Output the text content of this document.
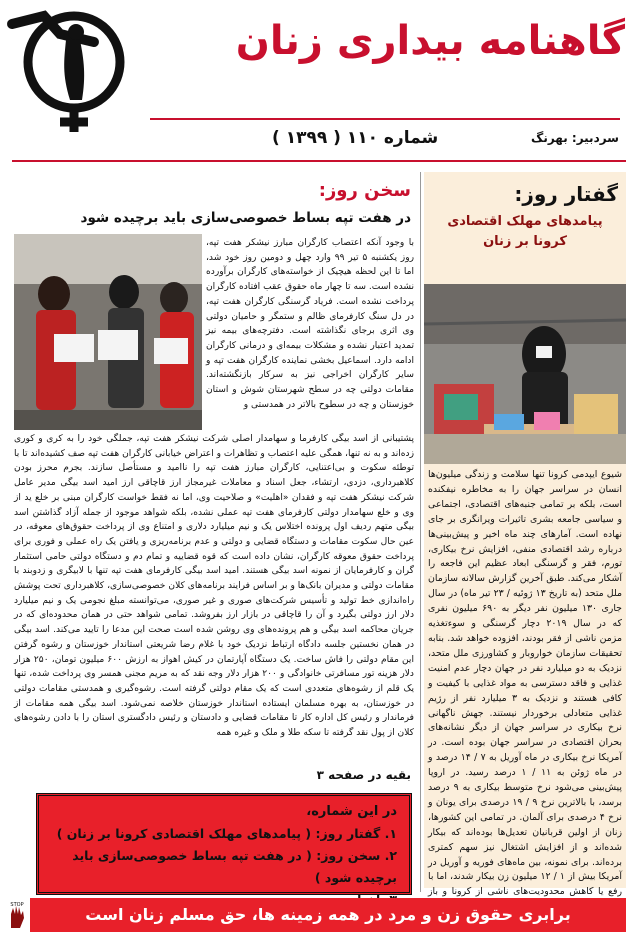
گاهنامه بیداری زنان
شماره ۱۱۰ ( ۱۳۹۹ )	سردبیر: بهرنگ
گفتار روز:
پیامدهای مهلک اقتصادی کرونا بر زنان
شیوع ایپدمی کرونا تنها سلامت و زندگی میلیون‌ها انسان در سراسر جهان را به مخاطره نیفکنده است، بلکه بر تمامی جنبه‌های اقتصادی، اجتماعی و سیاسی جامعه بشری تاثیرات ویرانگری بر جای نهاده است. آمارهای چند ماه اخیر و پیش‌بینی‌ها درباره رشد اقتصادی منفی، افزایش نرخ بیکاری، تورم، فقر و گرسنگی ابعاد عظیم این فاجعه را آشکار می‌کند. طبق آخرین گزارش سالانه سازمان ملل متحد (به تاریخ ۱۳ ژوئیه / ۲۳ تیر ماه) در سال جاری ۱۳۰ میلیون نفر دیگر به ۶۹۰ میلیون نفری که در سال ۲۰۱۹ دچار گرسنگی و سوءتغذیه مزمن ناشی از فقر بودند، افزوده خواهد شد. بنابه تحقیقات سازمان خواروبار و کشاورزی ملل متحد، نزدیک به دو میلیارد نفر در جهان دچار عدم امنیت غذایی و فاقد دسترسی به مواد غذایی با کیفیت و کافی هستند و نزدیک به ۳ میلیارد نفر از رژیم غذایی متعادلی برخوردار نیستند. جهش ناگهانی نرخ بیکاری در سراسر جهان از دیگر نشانه‌های بحران اقتصادی در سراسر جهان بوده است. در آمریکا نرخ بیکاری در ماه آوریل به ۷ / ۱۴ درصد و در ماه ژوئن به ۱۱ / ۱ درصد رسید. در اروپا پیش‌بینی می‌شود نرخ متوسط بیکاری به ۹ درصد برسد، با بالاترین نرخ ۹ / ۱۹ درصدی برای یونان و نرخ ۴ درصدی برای آلمان. در تمامی این کشورها، زنان از اولین قربانیان تعدیل‌ها بوده‌اند که بیکار شده‌اند و از افزایش اشتغال نیز سهم کمتری برده‌اند. برای نمونه، بین ماه‌های فوریه و آوریل در آمریکا بیش از ۱ / ۱۲ میلیون زن بیکار شدند، اما با رفع یا کاهش محدودیت‌های ناشی از کرونا و باز
سخن روز:
در هفت تپه بساط خصوصی‌سازی باید برچیده شود
با وجود آنکه اعتصاب کارگران مبارز نیشکر هفت تپه، روز یکشنبه ۵ تیر ۹۹ وارد چهل و دومین روز خود شد، اما تا این لحظه هیچیک از خواسته‌های کارگران برآورده نشده است. سه تا چهار ماه حقوق عقب افتاده کارگران پرداخت نشده است. فریاد گرسنگی کارگران هفت تپه، در دل سنگ کارفرمای ظالم و ستمگر و حامیان دولتی وی اثری برجای نگذاشته است. دفترچه‌های بیمه نیز تمدید اعتبار نشده و مشکلات بیمه‌ای و درمانی کارگران ادامه دارد. اسماعیل بخشی نماینده کارگران هفت تپه و سایر کارگران اخراجی نیز به سرکار بازنگشته‌اند. مقامات دولتی چه در سطح شهرستان شوش و استان خوزستان و چه در سطوح بالاتر در همدستی و
پشتیبانی از اسد بیگی کارفرما و سهامدار اصلی شرکت نیشکر هفت تپه، جملگی خود را به کری و کوری زده‌اند و به نه تنها، همگی علیه اعتصاب و تظاهرات و اعتراض خیابانی کارگران هفت تپه صف کشیده‌اند تا با توطئه سکوت و بی‌اعتنایی، کارگران مبارز هفت تپه را ناامید و مستأصل سازند. بجرم محرز بودن کلاهبرداری، دزدی، ارتشاء، جعل اسناد و معاملات غیرمجاز ارز قاچاقی ارز امید اسد بیگی مدیر عامل شرکت نیشکر هفت تپه و فقدان «اهلیت» و صلاحیت وی، اما نه فقط خواست کارگران مبنی بر خلع ید از وی و خلع سهامدار دولتی کارفرمای هفت تپه عملی نشده، بلکه شواهد موجود از جمله آزاد گذاشتن اسد بیگی متهم ردیف اول پرونده اختلاس یک و نیم میلیارد دلاری و امتناع وی از پرداخت حقوق‌های معوقه، در عین حال سکوت مقامات و دستگاه قضایی و دولتی و عدم برنامه‌ریزی و یافتن یک راه عملی و فوری برای پرداخت حقوق معوقه کارگران، نشان داده است که قوه قضاییه و تمام دم و دستگاه دولتی حامی استثمار گران و کارفرمایان از نمونه اسد بیگی هستند. امید اسد بیگی کارفرمای هفت تپه تنها با لابیگری و زدوبند با مقامات دولتی و مدیران بانک‌ها و بر اساس فرایند برنامه‌های کلان خصوصی‌سازی، کلاهبرداری تحت پوشش راه‌اندازی خط تولید و تأسیس شرکت‌های صوری و غیر صوری، می‌توانسته مبلغ نجومی یک و نیم میلیارد دلار ارز دولتی بگیرد و آن را قاچاقی در بازار ارز بفروشد. تمامی شواهد حتی در همان محدوده‌ای که در جریان محاکمه اسد بیگی و هم پرونده‌های وی روشن شده است صحت این مدعا را تایید می‌کند. اسد بیگی در همان نخستین جلسه دادگاه ارتباط نزدیک خود با غلام رضا شریعتی استاندار خوزستان و رشوه گرفتن این مقام دولتی را فاش ساخت. یک دستگاه آپارتمان در کیش اهواز به ارزش ۶۰۰ میلیون تومان، ۲۵۰ هزار دلار هزینه تور مسافرتی خانوادگی و ۲۰۰ هزار دلار وجه نقد که به مریم مجنی همسر وی پرداخت شده، تنها یک قلم از رشوه‌های متعددی است که یک مقام دولتی گرفته است. رشوه‌گیری و همدستی مقامات دولتی در خوزستان، به بهره مسلمان ایستاده استاندار خوزستان خلاصه نمی‌شود. اسد بیگی همه مقامات از فرماندار و رئیس کل اداره کار تا مقامات قضایی و دادستان و رئیس دادگستری استان را با دادن رشوه‌های کلان از پول نقد گرفته تا سکه طلا و ملک و غیره همه
بقیه در صفحه ۳
در این شماره،
۱. گفتار روز: ( پیامدهای مهلک اقتصادی کرونا بر زنان )
۲. سخن روز: ( در هفت تپه بساط خصوصی‌سازی باید برچیده شود )
STOP	برابری حقوق زن و مرد در همه زمینه ها، حق مسلم زنان است
